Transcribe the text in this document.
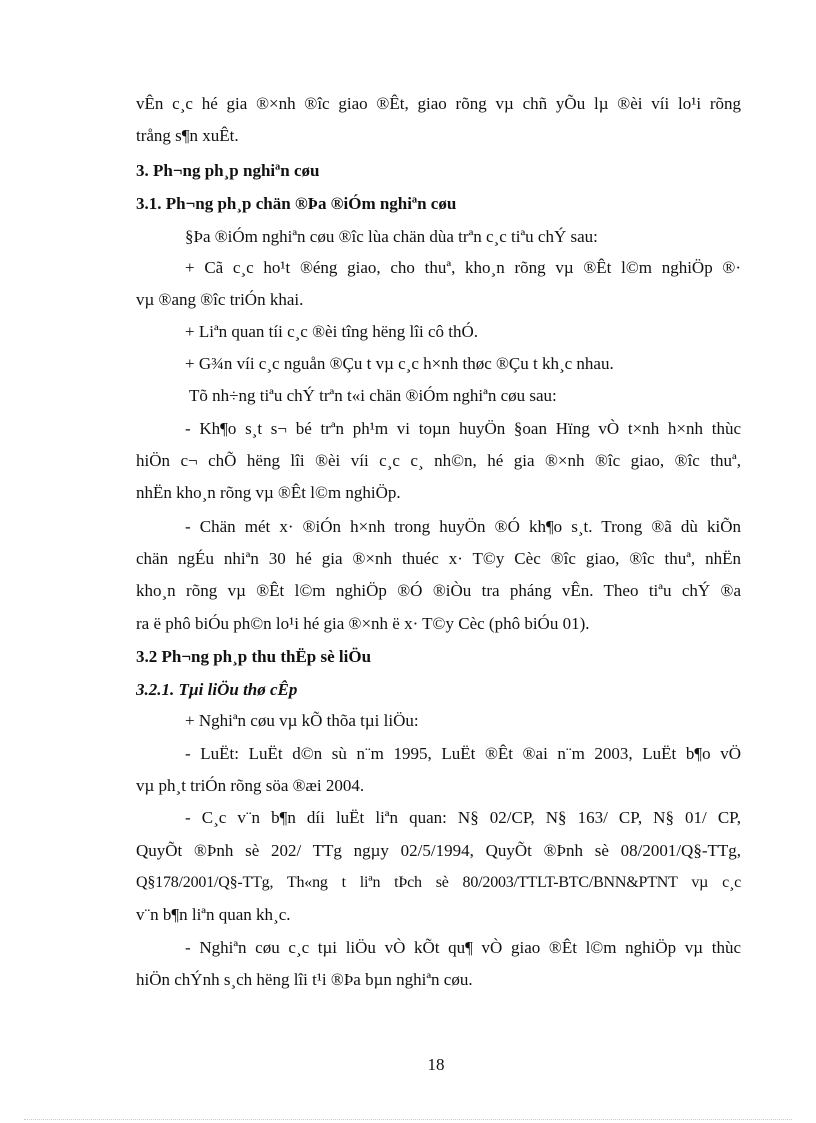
vÊn c¸c hé gia ®×nh ®îc giao ®Êt, giao rõng vµ chñ yÕu lµ ®èi víi lo¹i rõng
trång s¶n xuÊt.
3. Ph¬ng ph¸p nghiªn cøu
3.1. Ph¬ng ph¸p chän ®Þa ®iÓm nghiªn cøu
§Þa ®iÓm nghiªn cøu ®îc lùa chän dùa trªn c¸c tiªu chÝ sau:
+ Cã c¸c ho¹t ®éng giao, cho thuª, kho¸n rõng vµ ®Êt l©m nghiÖp ®·
vµ ®ang ®îc triÓn khai.
+ Liªn quan tíi c¸c ®èi tîng hëng lîi cô thÓ.
+ G¾n víi c¸c nguån ®Çu t vµ c¸c h×nh thøc ®Çu t kh¸c nhau.
Tõ nh÷ng tiªu chÝ trªn t«i chän ®iÓm nghiªn cøu sau:
- Kh¶o s¸t s¬ bé trªn ph¹m vi toµn huyÖn §oan Hïng vÒ t×nh h×nh thùc
hiÖn c¬ chÕ hëng lîi ®èi víi c¸c c¸ nh©n, hé gia ®×nh ®îc giao, ®îc thuª,
nhËn kho¸n rõng vµ ®Êt l©m nghiÖp.
- Chän mét x· ®iÓn h×nh trong huyÖn ®Ó kh¶o s¸t. Trong ®ã dù kiÕn
chän ngÉu nhiªn 30 hé gia ®×nh thuéc x· T©y Cèc ®îc giao, ®îc thuª, nhËn
kho¸n rõng vµ ®Êt l©m nghiÖp ®Ó ®iÒu tra pháng vÊn. Theo tiªu chÝ ®a
ra ë phô biÓu ph©n lo¹i hé gia ®×nh ë x· T©y Cèc (phô biÓu 01).
3.2 Ph¬ng ph¸p thu thËp sè liÖu
3.2.1. Tµi liÖu thø cÊp
+ Nghiªn cøu vµ kÕ thõa tµi liÖu:
- LuËt: LuËt d©n sù n¨m 1995, LuËt ®Êt ®ai n¨m 2003, LuËt b¶o vÖ
vµ ph¸t triÓn rõng söa ®æi 2004.
- C¸c v¨n b¶n díi luËt liªn quan: N§ 02/CP, N§ 163/ CP, N§ 01/ CP,
QuyÕt ®Þnh sè 202/ TTg ngµy 02/5/1994, QuyÕt ®Þnh sè 08/2001/Q§-TTg,
Q§178/2001/Q§-TTg, Th«ng t liªn tÞch sè 80/2003/TTLT-BTC/BNN&PTNT vµ c¸c
v¨n b¶n liªn quan kh¸c.
- Nghiªn cøu c¸c tµi liÖu vÒ kÕt qu¶ vÒ giao ®Êt l©m nghiÖp vµ thùc
hiÖn chÝnh s¸ch hëng lîi t¹i ®Þa bµn nghiªn cøu.
18
